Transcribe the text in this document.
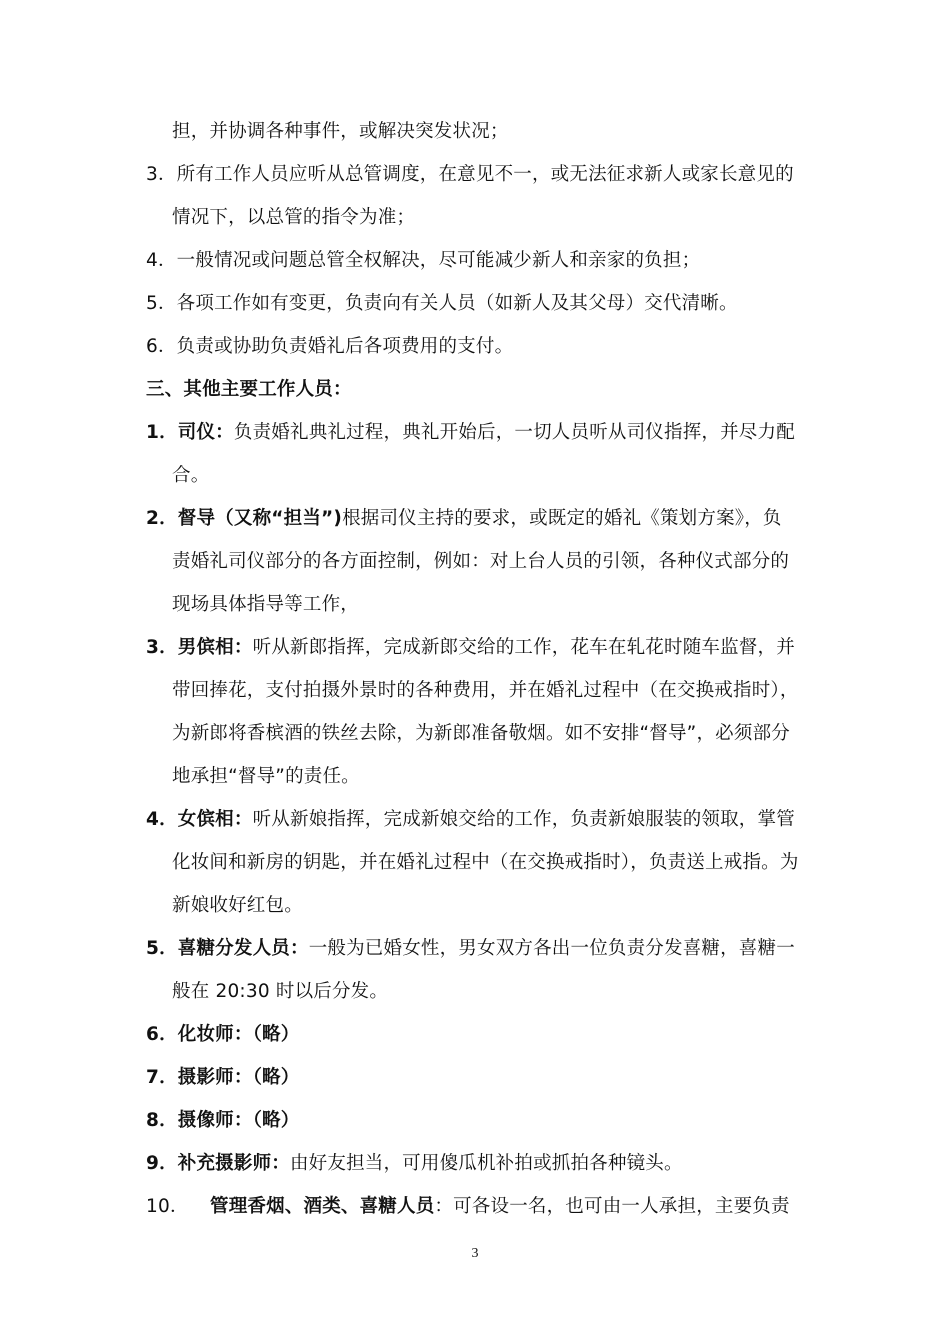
担，并协调各种事件，或解决突发状况；
3．所有工作人员应听从总管调度，在意见不一，或无法征求新人或家长意见的
情况下，以总管的指令为准；
4．一般情况或问题总管全权解决，尽可能减少新人和亲家的负担；
5．各项工作如有变更，负责向有关人员（如新人及其父母）交代清晰。
6．负责或协助负责婚礼后各项费用的支付。
三、其他主要工作人员：
1．司仪：负责婚礼典礼过程，典礼开始后，一切人员听从司仪指挥，并尽力配
合。
2．督导（又称“担当”)根据司仪主持的要求，或既定的婚礼《策划方案》，负
责婚礼司仪部分的各方面控制，例如：对上台人员的引领，各种仪式部分的
现场具体指导等工作，
3．男傧相：听从新郎指挥，完成新郎交给的工作，花车在轧花时随车监督，并
带回捧花，支付拍摄外景时的各种费用，并在婚礼过程中（在交换戒指时），
为新郎将香槟酒的铁丝去除，为新郎准备敬烟。如不安排“督导”，必须部分
地承担“督导”的责任。
4．女傧相：听从新娘指挥，完成新娘交给的工作，负责新娘服装的领取，掌管
化妆间和新房的钥匙，并在婚礼过程中（在交换戒指时），负责送上戒指。为
新娘收好红包。
5．喜糖分发人员：一般为已婚女性，男女双方各出一位负责分发喜糖，喜糖一
般在 20:30 时以后分发。
6．化妆师：（略）
7．摄影师：（略）
8．摄像师：（略）
9．补充摄影师：由好友担当，可用傻瓜机补拍或抓拍各种镜头。
10． 管理香烟、酒类、喜糖人员：可各设一名，也可由一人承担，主要负责
3
